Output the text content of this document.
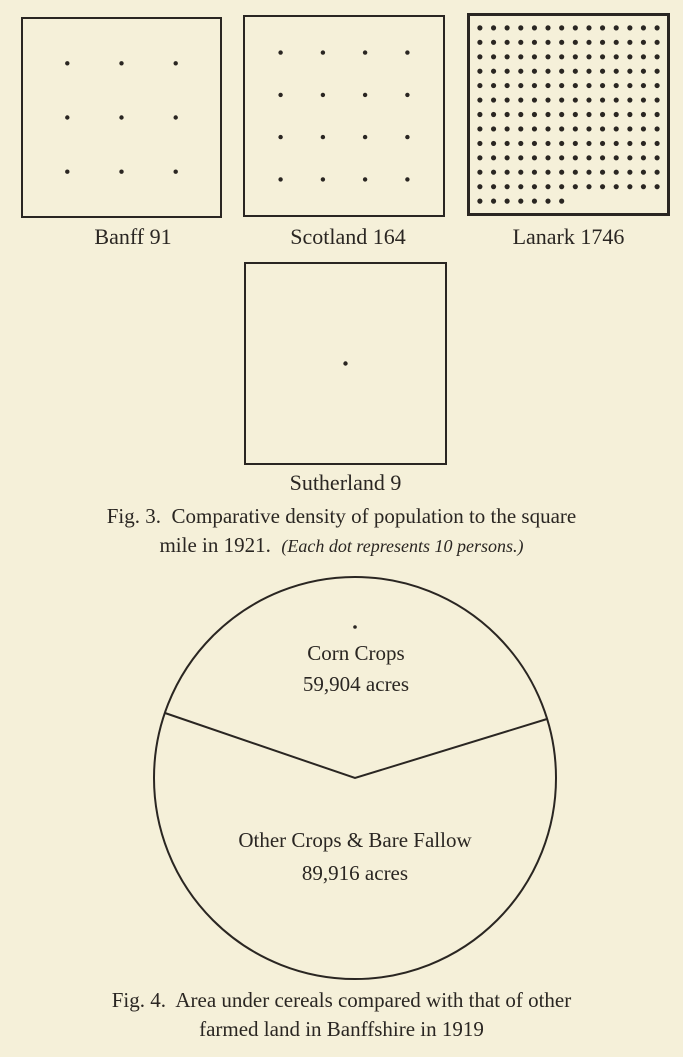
Banff 91	Scotland 164	Lanark 1746
Sutherland 9
Fig. 3. Comparative density of population to the square
mile in 1921. (Each dot represents 10 persons.)
Corn Crops
59,904 acres
Other Crops & Bare Fallow
89,916 acres
Fig. 4. Area under cereals compared with that of other
farmed land in Banffshire in 1919
